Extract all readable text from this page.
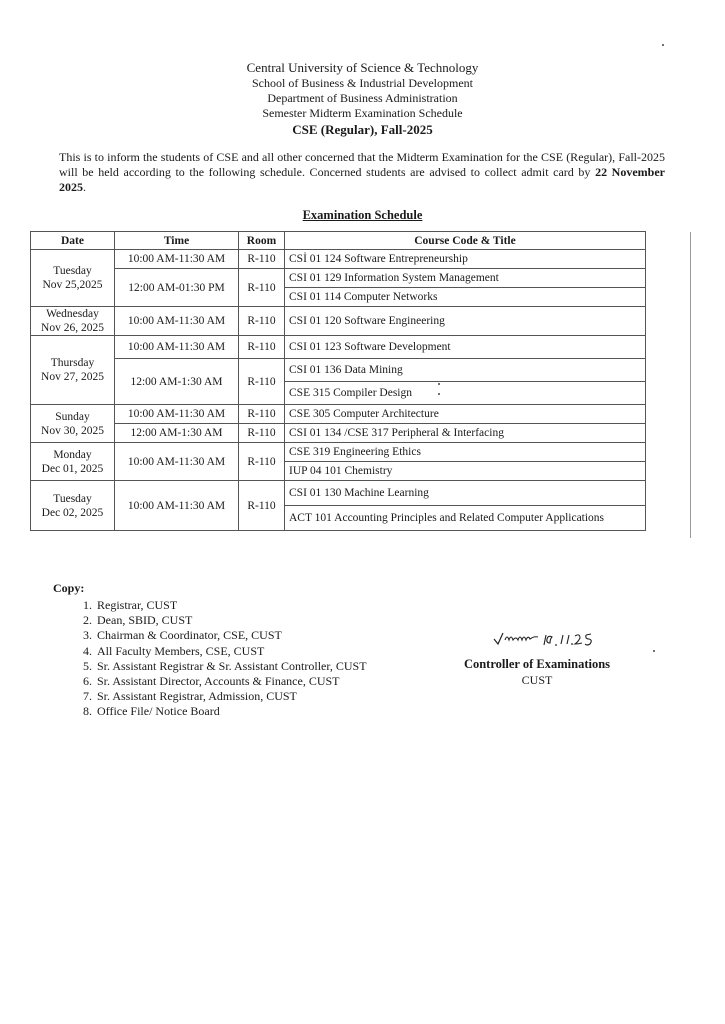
Central University of Science & Technology
School of Business & Industrial Development
Department of Business Administration
Semester Midterm Examination Schedule
CSE (Regular), Fall-2025
This is to inform the students of CSE and all other concerned that the Midterm Examination for the CSE (Regular), Fall-2025 will be held according to the following schedule. Concerned students are advised to collect admit card by 22 November 2025.
Examination Schedule
Date	Time	Room	Course Code & Title
Tuesday
Nov 25,2025	10:00 AM-11:30 AM	R-110	CSİ 01 124 Software Entrepreneurship
	12:00 AM-01:30 PM	R-110	CSI 01 129 Information System Management
			CSI 01 114 Computer Networks
Wednesday
Nov 26, 2025	10:00 AM-11:30 AM	R-110	CSI 01 120 Software Engineering
Thursday
Nov 27, 2025	10:00 AM-11:30 AM	R-110	CSI 01 123 Software Development
	12:00 AM-1:30 AM	R-110	CSI 01 136 Data Mining
			CSE 315 Compiler Design
Sunday
Nov 30, 2025	10:00 AM-11:30 AM	R-110	CSE 305 Computer Architecture
	12:00 AM-1:30 AM	R-110	CSI 01 134 /CSE 317 Peripheral & Interfacing
Monday
Dec 01, 2025	10:00 AM-11:30 AM	R-110	CSE 319 Engineering Ethics
			IUP 04 101 Chemistry
Tuesday
Dec 02, 2025	10:00 AM-11:30 AM	R-110	CSI 01 130 Machine Learning
			ACT 101 Accounting Principles and Related Computer Applications
Copy:
1. Registrar, CUST
2. Dean, SBID, CUST
3. Chairman & Coordinator, CSE, CUST
4. All Faculty Members, CSE, CUST
5. Sr. Assistant Registrar & Sr. Assistant Controller, CUST
6. Sr. Assistant Director, Accounts & Finance, CUST
7. Sr. Assistant Registrar, Admission, CUST
8. Office File/ Notice Board
Controller of Examinations
CUST
